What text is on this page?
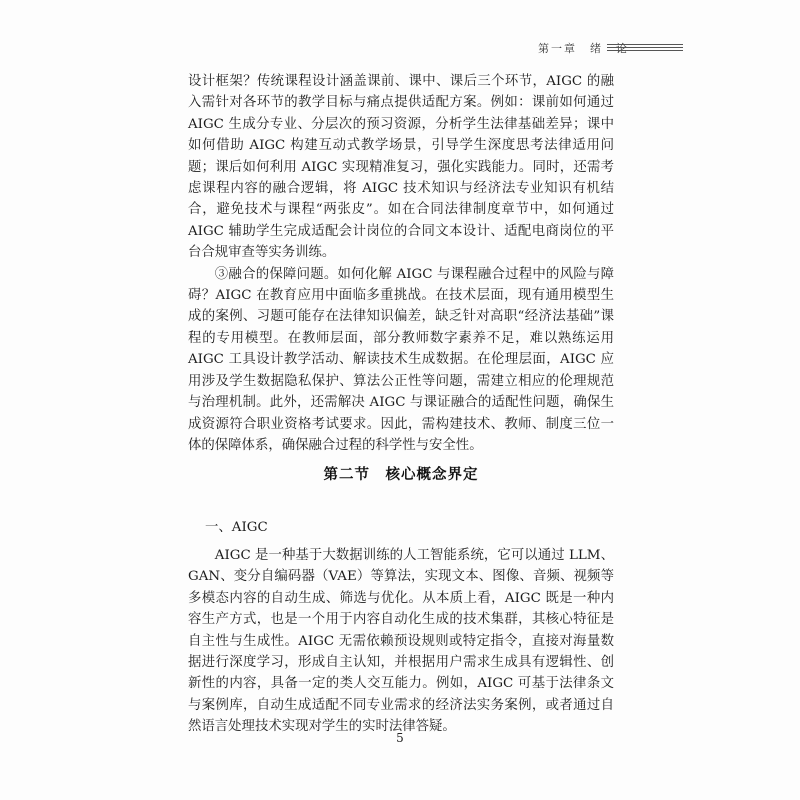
第一章　绪　论

设计框架？传统课程设计涵盖课前、课中、课后三个环节，AIGC 的融入需针对各环节的教学目标与痛点提供适配方案。例如：课前如何通过 AIGC 生成分专业、分层次的预习资源，分析学生法律基础差异；课中如何借助 AIGC 构建互动式教学场景，引导学生深度思考法律适用问题；课后如何利用 AIGC 实现精准复习，强化实践能力。同时，还需考虑课程内容的融合逻辑，将 AIGC 技术知识与经济法专业知识有机结合，避免技术与课程“两张皮”。如在合同法律制度章节中，如何通过 AIGC 辅助学生完成适配会计岗位的合同文本设计、适配电商岗位的平台合规审查等实务训练。

③融合的保障问题。如何化解 AIGC 与课程融合过程中的风险与障碍？AIGC 在教育应用中面临多重挑战。在技术层面，现有通用模型生成的案例、习题可能存在法律知识偏差，缺乏针对高职“经济法基础”课程的专用模型。在教师层面，部分教师数字素养不足，难以熟练运用 AIGC 工具设计教学活动、解读技术生成数据。在伦理层面，AIGC 应用涉及学生数据隐私保护、算法公正性等问题，需建立相应的伦理规范与治理机制。此外，还需解决 AIGC 与课证融合的适配性问题，确保生成资源符合职业资格考试要求。因此，需构建技术、教师、制度三位一体的保障体系，确保融合过程的科学性与安全性。

第二节　核心概念界定
一、AIGC

AIGC 是一种基于大数据训练的人工智能系统，它可以通过 LLM、GAN、变分自编码器（VAE）等算法，实现文本、图像、音频、视频等多模态内容的自动生成、筛选与优化。从本质上看，AIGC 既是一种内容生产方式，也是一个用于内容自动化生成的技术集群，其核心特征是自主性与生成性。AIGC 无需依赖预设规则或特定指令，直接对海量数据进行深度学习，形成自主认知，并根据用户需求生成具有逻辑性、创新性的内容，具备一定的类人交互能力。例如，AIGC 可基于法律条文与案例库，自动生成适配不同专业需求的经济法实务案例，或者通过自然语言处理技术实现对学生的实时法律答疑。

5
